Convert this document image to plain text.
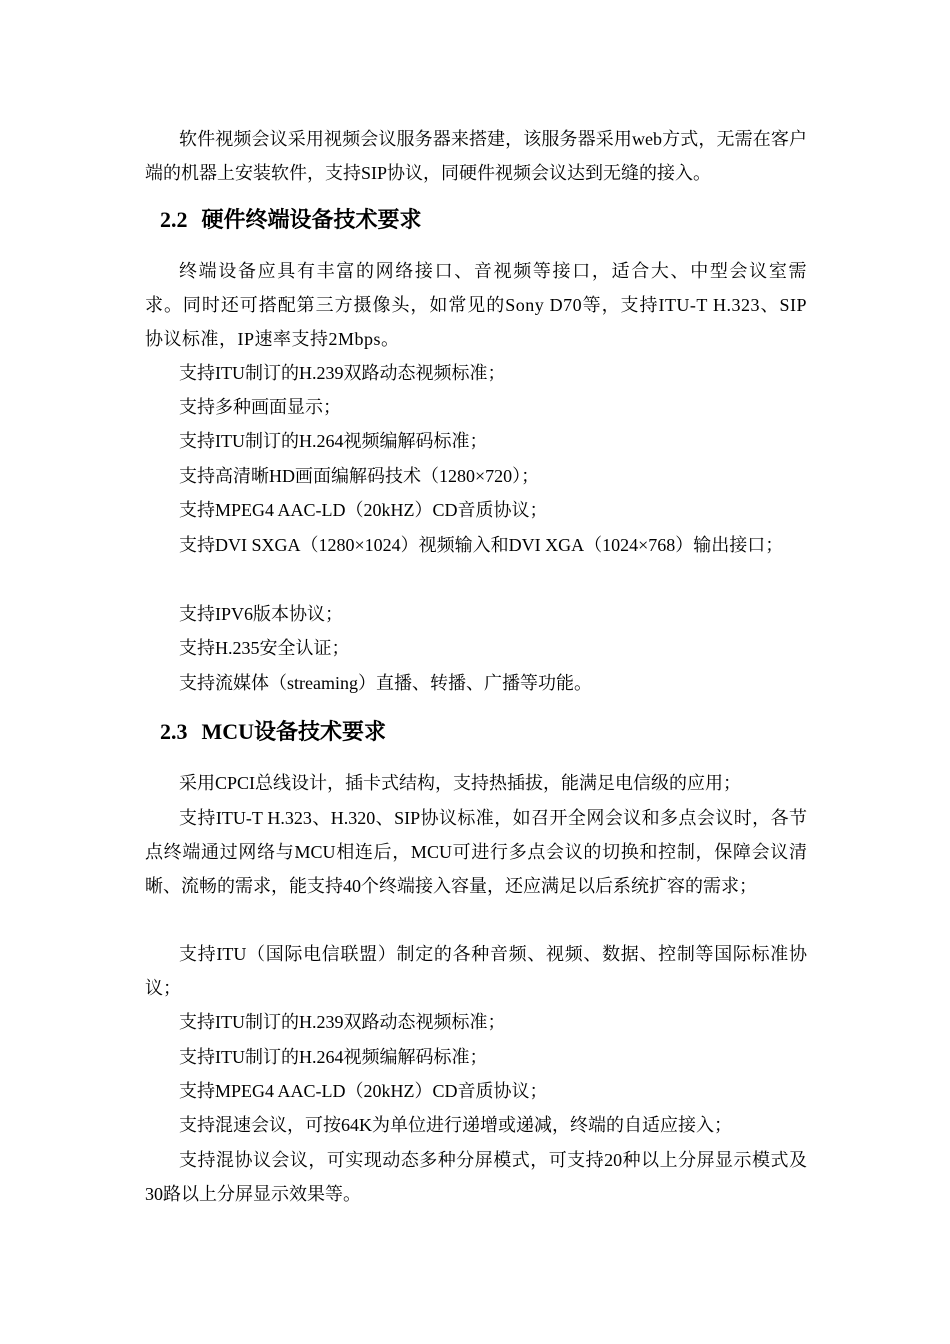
软件视频会议采用视频会议服务器来搭建，该服务器采用web方式，无需在客户端的机器上安装软件，支持SIP协议，同硬件视频会议达到无缝的接入。

2.2 硬件终端设备技术要求

终端设备应具有丰富的网络接口、音视频等接口，适合大、中型会议室需求。同时还可搭配第三方摄像头，如常见的Sony D70等，支持ITU-T H.323、SIP协议标准，IP速率支持2Mbps。

支持ITU制订的H.239双路动态视频标准；

支持多种画面显示；

支持ITU制订的H.264视频编解码标准；

支持高清晰HD画面编解码技术（1280×720）；

支持MPEG4 AAC-LD（20kHZ）CD音质协议；

支持DVI SXGA（1280×1024）视频输入和DVI XGA（1024×768）输出接口；

支持IPV6版本协议；

支持H.235安全认证；

支持流媒体（streaming）直播、转播、广播等功能。

2.3 MCU设备技术要求

采用CPCI总线设计，插卡式结构，支持热插拔，能满足电信级的应用；

支持ITU-T H.323、H.320、SIP协议标准，如召开全网会议和多点会议时，各节点终端通过网络与MCU相连后，MCU可进行多点会议的切换和控制，保障会议清晰、流畅的需求，能支持40个终端接入容量，还应满足以后系统扩容的需求；

支持ITU（国际电信联盟）制定的各种音频、视频、数据、控制等国际标准协议；

支持ITU制订的H.239双路动态视频标准；

支持ITU制订的H.264视频编解码标准；

支持MPEG4 AAC-LD（20kHZ）CD音质协议；

支持混速会议，可按64K为单位进行递增或递减，终端的自适应接入；

支持混协议会议，可实现动态多种分屏模式，可支持20种以上分屏显示模式及30路以上分屏显示效果等。
